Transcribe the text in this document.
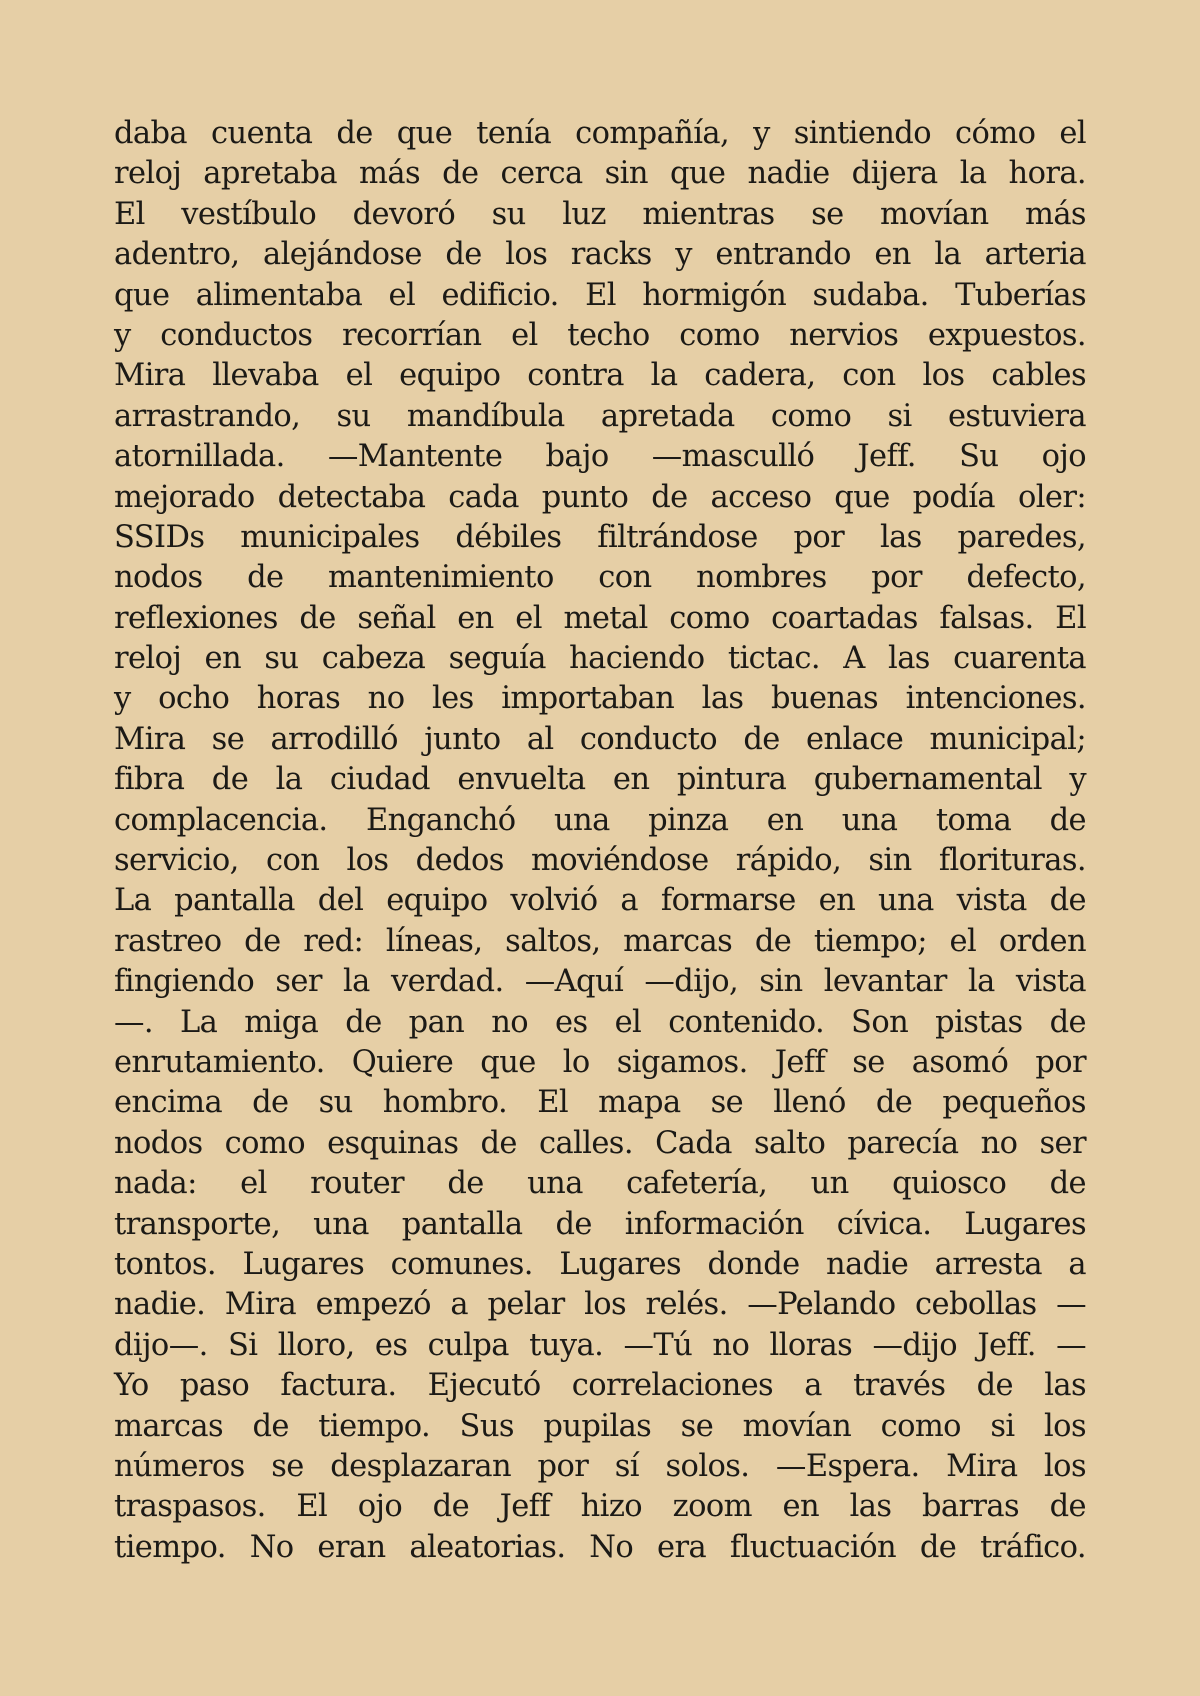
daba cuenta de que tenía compañía, y sintiendo cómo el
reloj apretaba más de cerca sin que nadie dijera la hora.
El vestíbulo devoró su luz mientras se movían más
adentro, alejándose de los racks y entrando en la arteria
que alimentaba el edificio. El hormigón sudaba. Tuberías
y conductos recorrían el techo como nervios expuestos.
Mira llevaba el equipo contra la cadera, con los cables
arrastrando, su mandíbula apretada como si estuviera
atornillada. —Mantente bajo —masculló Jeff. Su ojo
mejorado detectaba cada punto de acceso que podía oler:
SSIDs municipales débiles filtrándose por las paredes,
nodos de mantenimiento con nombres por defecto,
reflexiones de señal en el metal como coartadas falsas. El
reloj en su cabeza seguía haciendo tictac. A las cuarenta
y ocho horas no les importaban las buenas intenciones.
Mira se arrodilló junto al conducto de enlace municipal;
fibra de la ciudad envuelta en pintura gubernamental y
complacencia. Enganchó una pinza en una toma de
servicio, con los dedos moviéndose rápido, sin florituras.
La pantalla del equipo volvió a formarse en una vista de
rastreo de red: líneas, saltos, marcas de tiempo; el orden
fingiendo ser la verdad. —Aquí —dijo, sin levantar la vista
—. La miga de pan no es el contenido. Son pistas de
enrutamiento. Quiere que lo sigamos. Jeff se asomó por
encima de su hombro. El mapa se llenó de pequeños
nodos como esquinas de calles. Cada salto parecía no ser
nada: el router de una cafetería, un quiosco de
transporte, una pantalla de información cívica. Lugares
tontos. Lugares comunes. Lugares donde nadie arresta a
nadie. Mira empezó a pelar los relés. —Pelando cebollas —
dijo—. Si lloro, es culpa tuya. —Tú no lloras —dijo Jeff. —
Yo paso factura. Ejecutó correlaciones a través de las
marcas de tiempo. Sus pupilas se movían como si los
números se desplazaran por sí solos. —Espera. Mira los
traspasos. El ojo de Jeff hizo zoom en las barras de
tiempo. No eran aleatorias. No era fluctuación de tráfico.
